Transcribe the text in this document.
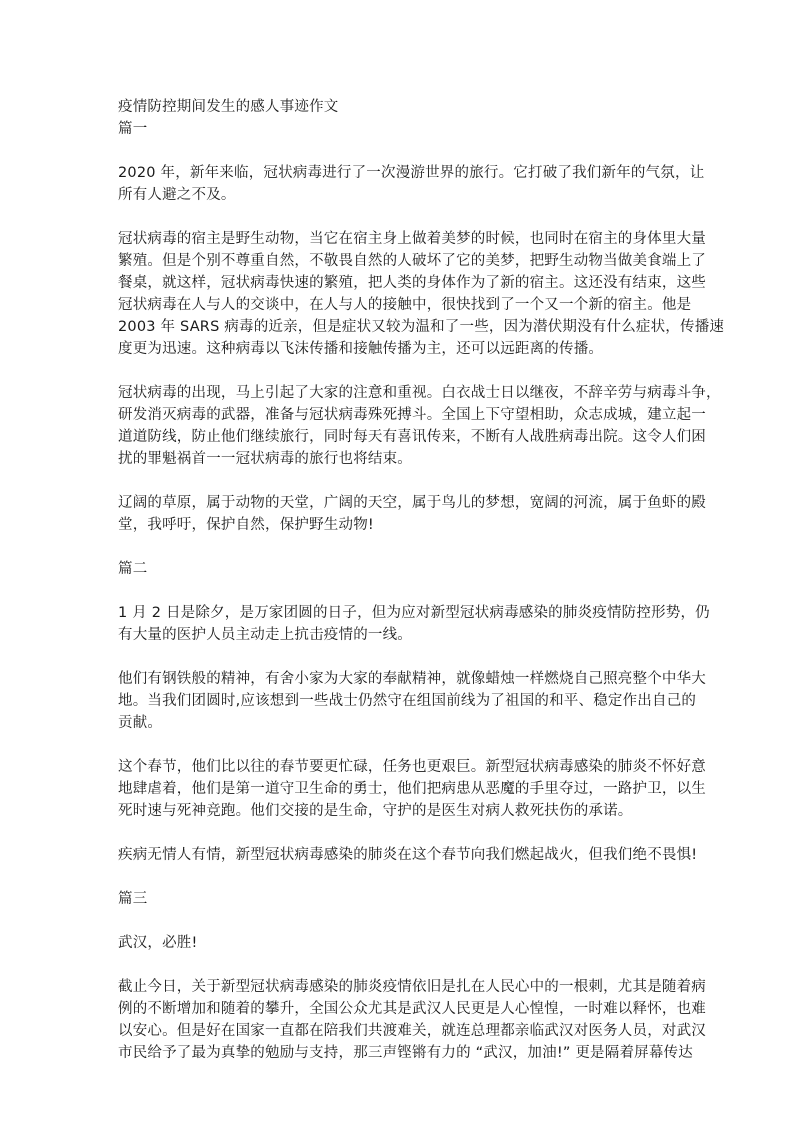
疫情防控期间发生的感人事迹作文

篇一

2020 年，新年来临，冠状病毒进行了一次漫游世界的旅行。它打破了我们新年的气氛，让

所有人避之不及。

冠状病毒的宿主是野生动物，当它在宿主身上做着美梦的时候，也同时在宿主的身体里大量

繁殖。但是个别不尊重自然，不敬畏自然的人破坏了它的美梦，把野生动物当做美食端上了

餐桌，就这样，冠状病毒快速的繁殖，把人类的身体作为了新的宿主。这还没有结束，这些

冠状病毒在人与人的交谈中，在人与人的接触中，很快找到了一个又一个新的宿主。他是

2003 年 SARS 病毒的近亲，但是症状又较为温和了一些，因为潜伏期没有什么症状，传播速

度更为迅速。这种病毒以飞沫传播和接触传播为主，还可以远距离的传播。

冠状病毒的出现，马上引起了大家的注意和重视。白衣战士日以继夜，不辞辛劳与病毒斗争，

研发消灭病毒的武器，准备与冠状病毒殊死搏斗。全国上下守望相助，众志成城，建立起一

道道防线，防止他们继续旅行，同时每天有喜讯传来，不断有人战胜病毒出院。这令人们困

扰的罪魁祸首一一冠状病毒的旅行也将结束。

辽阔的草原，属于动物的天堂，广阔的天空，属于鸟儿的梦想，宽阔的河流，属于鱼虾的殿

堂，我呼吁，保护自然，保护野生动物!

篇二

1 月 2 日是除夕，是万家团圆的日子，但为应对新型冠状病毒感染的肺炎疫情防控形势，仍

有大量的医护人员主动走上抗击疫情的一线。

他们有钢铁般的精神，有舍小家为大家的奉献精神，就像蜡烛一样燃烧自己照亮整个中华大

地。当我们团圆时,应该想到一些战士仍然守在组国前线为了祖国的和平、稳定作出自己的

贡献。

这个春节，他们比以往的春节要更忙碌，任务也更艰巨。新型冠状病毒感染的肺炎不怀好意

地肆虐着，他们是第一道守卫生命的勇士，他们把病患从恶魔的手里夺过，一路护卫，以生

死时速与死神竞跑。他们交接的是生命，守护的是医生对病人救死扶伤的承诺。

疾病无情人有情，新型冠状病毒感染的肺炎在这个春节向我们燃起战火，但我们绝不畏惧!

篇三

武汉，必胜!

截止今日，关于新型冠状病毒感染的肺炎疫情依旧是扎在人民心中的一根刺，尤其是随着病

例的不断增加和随着的攀升，全国公众尤其是武汉人民更是人心惶惶，一时难以释怀，也难

以安心。但是好在国家一直都在陪我们共渡难关，就连总理都亲临武汉对医务人员，对武汉

市民给予了最为真挚的勉励与支持，那三声铿锵有力的 “武汉，加油!” 更是隔着屏幕传达
